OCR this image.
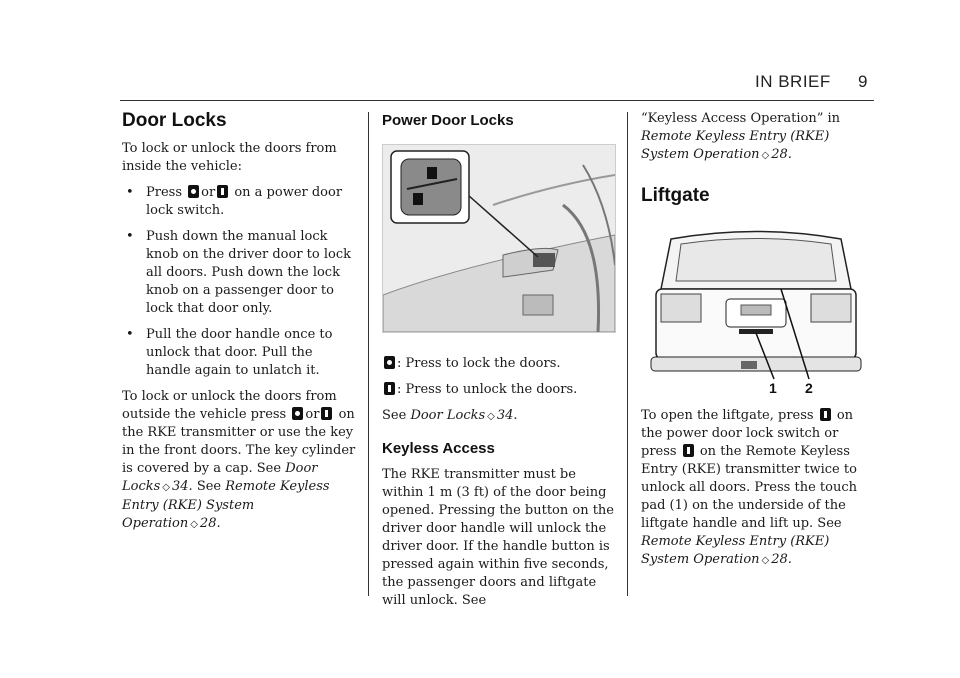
IN BRIEF 9
Door Locks

To lock or unlock the doors from inside the vehicle:

• Press or on a power door lock switch.
• Push down the manual lock knob on the driver door to lock all doors. Push down the lock knob on a passenger door to lock that door only.
• Pull the door handle once to unlock that door. Pull the handle again to unlatch it.

To lock or unlock the doors from outside the vehicle press or on the RKE transmitter or use the key in the front doors. The key cylinder is covered by a cap. See Door Locks ◇ 34. See Remote Keyless Entry (RKE) System Operation ◇ 28.

Power Door Locks

: Press to lock the doors.

: Press to unlock the doors.

See Door Locks ◇ 34.

Keyless Access

The RKE transmitter must be within 1 m (3 ft) of the door being opened. Pressing the button on the driver door handle will unlock the driver door. If the handle button is pressed again within five seconds, the passenger doors and liftgate will unlock. See

“Keyless Access Operation” in Remote Keyless Entry (RKE) System Operation ◇ 28.

Liftgate
1 2

To open the liftgate, press on the power door lock switch or press on the Remote Keyless Entry (RKE) transmitter twice to unlock all doors. Press the touch pad (1) on the underside of the liftgate handle and lift up. See Remote Keyless Entry (RKE) System Operation ◇ 28.
